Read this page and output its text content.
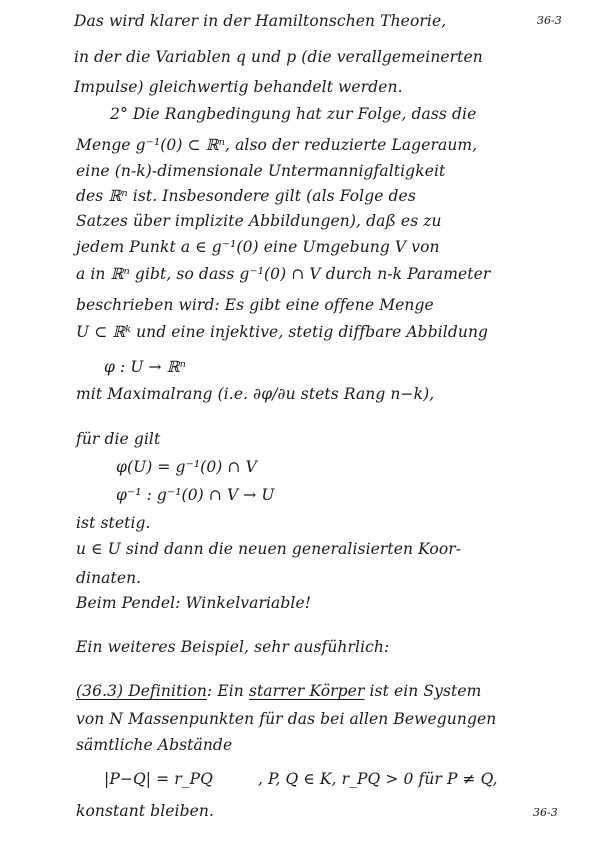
36-3
Das wird klarer in der Hamiltonschen Theorie,
in der die Variablen q und p (die verallgemeinerten
Impulse) gleichwertig behandelt werden.
2° Die Rangbedingung hat zur Folge, dass die
Menge g⁻¹(0) ⊂ ℝⁿ, also der reduzierte Lageraum,
eine (n-k)-dimensionale Untermannigfaltigkeit
des ℝⁿ ist. Insbesondere gilt (als Folge des
Satzes über implizite Abbildungen), daß es zu
jedem Punkt a ∈ g⁻¹(0) eine Umgebung V von
a in ℝⁿ gibt, so dass g⁻¹(0) ∩ V durch n-k Parameter
beschrieben wird: Es gibt eine offene Menge
U ⊂ ℝᵏ und eine injektive, stetig diffbare Abbildung
φ : U → ℝⁿ
mit Maximalrang (i.e. ∂φ/∂u stets Rang n−k),
für die gilt
φ(U) = g⁻¹(0) ∩ V
φ⁻¹ : g⁻¹(0) ∩ V → U
ist stetig.
u ∈ U sind dann die neuen generalisierten Koor-
dinaten.
Beim Pendel: Winkelvariable!
Ein weiteres Beispiel, sehr ausführlich:
(36.3) Definition: Ein starrer Körper ist ein System
von N Massenpunkten für das bei allen Bewegungen
sämtliche Abstände
|P−Q| = r_PQ	, P, Q ∈ K, r_PQ > 0 für P ≠ Q,
konstant bleiben.	36-3
